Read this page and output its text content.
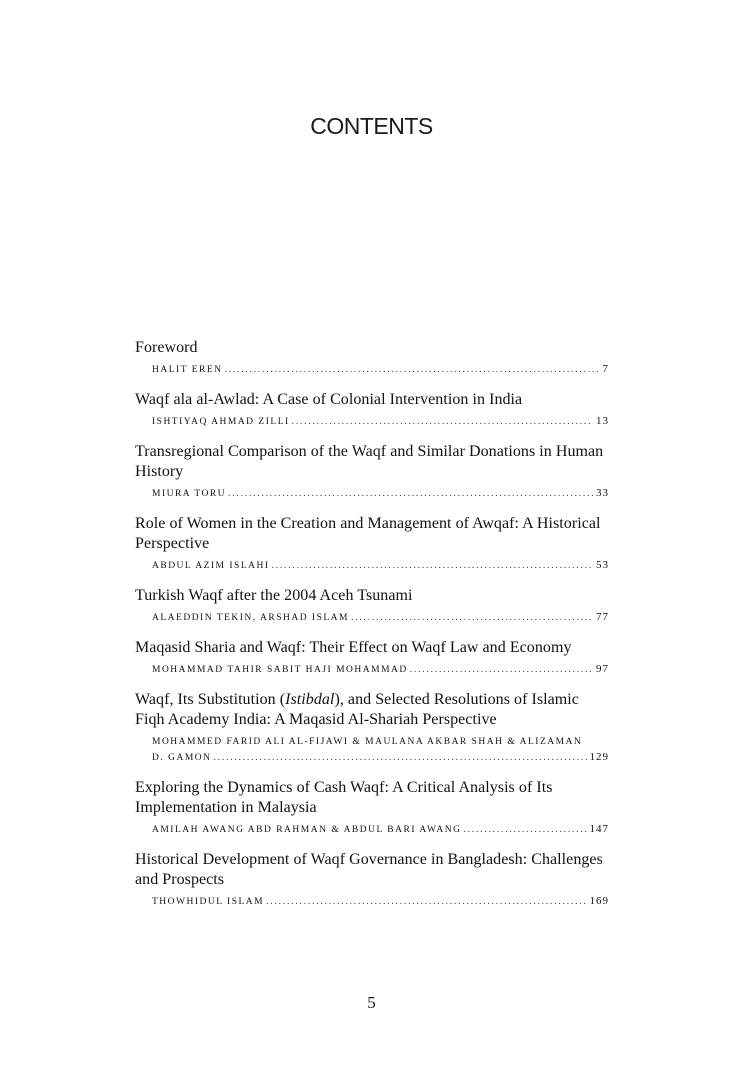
CONTENTS

Foreword

HALIT EREN .....	7

Waqf ala al-Awlad: A Case of Colonial Intervention in India

ISHTIYAQ AHMAD ZILLI .....	13

Transregional Comparison of the Waqf and Similar Donations in Human History

MIURA TORU .....	33

Role of Women in the Creation and Management of Awqaf: A Historical Perspective

ABDUL AZIM ISLAHI .....	53

Turkish Waqf after the 2004 Aceh Tsunami

ALAEDDIN TEKIN, ARSHAD ISLAM .....	77

Maqasid Sharia and Waqf: Their Effect on Waqf Law and Economy

MOHAMMAD TAHIR SABIT HAJI MOHAMMAD .....	97

Waqf, Its Substitution (Istibdal), and Selected Resolutions of Islamic Fiqh Academy India: A Maqasid Al-Shariah Perspective

MOHAMMED FARID ALI AL-FIJAWI & MAULANA AKBAR SHAH & ALIZAMAN
D. GAMON .....	129

Exploring the Dynamics of Cash Waqf: A Critical Analysis of Its Implementation in Malaysia

AMILAH AWANG ABD RAHMAN & ABDUL BARI AWANG .....	147

Historical Development of Waqf Governance in Bangladesh: Challenges and Prospects

THOWHIDUL ISLAM .....	169
5
